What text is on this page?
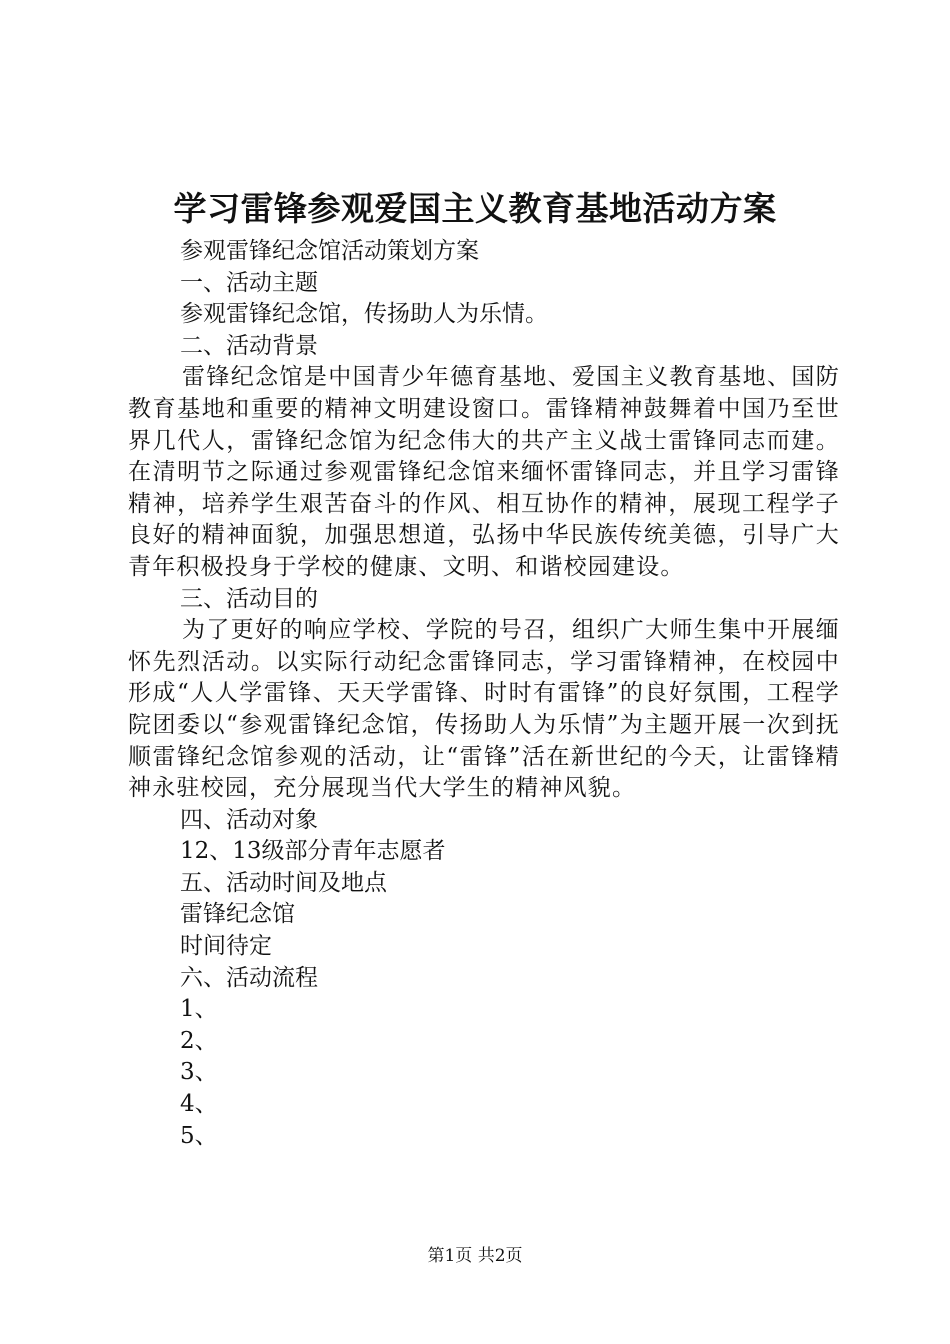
学习雷锋参观爱国主义教育基地活动方案

参观雷锋纪念馆活动策划方案

一、活动主题

参观雷锋纪念馆，传扬助人为乐情。

二、活动背景

雷锋纪念馆是中国青少年德育基地、爱国主义教育基地、国防教育基地和重要的精神文明建设窗口。雷锋精神鼓舞着中国乃至世界几代人，雷锋纪念馆为纪念伟大的共产主义战士雷锋同志而建。在清明节之际通过参观雷锋纪念馆来缅怀雷锋同志，并且学习雷锋精神，培养学生艰苦奋斗的作风、相互协作的精神，展现工程学子良好的精神面貌，加强思想道，弘扬中华民族传统美德，引导广大青年积极投身于学校的健康、文明、和谐校园建设。

三、活动目的

为了更好的响应学校、学院的号召，组织广大师生集中开展缅怀先烈活动。以实际行动纪念雷锋同志，学习雷锋精神，在校园中形成“人人学雷锋、天天学雷锋、时时有雷锋”的良好氛围，工程学院团委以“参观雷锋纪念馆，传扬助人为乐情”为主题开展一次到抚顺雷锋纪念馆参观的活动，让“雷锋”活在新世纪的今天，让雷锋精神永驻校园，充分展现当代大学生的精神风貌。

四、活动对象

12、13级部分青年志愿者

五、活动时间及地点

雷锋纪念馆

时间待定

六、活动流程

1、

2、

3、

4、

5、

第1页 共2页
